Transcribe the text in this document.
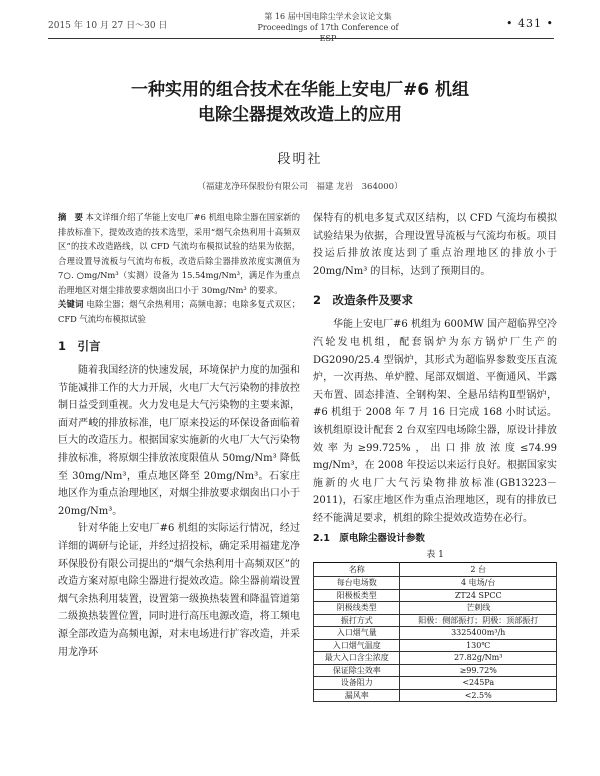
2015 年 10 月 27 日～30 日
第 16 届中国电除尘学术会议论文集
Proceedings of 17th Conference of ESP
• 431 •
一种实用的组合技术在华能上安电厂#6 机组
电除尘器提效改造上的应用
段明社
（福建龙净环保股份有限公司　福建 龙岩　364000）
摘　要 本文详细介绍了华能上安电厂#6 机组电除尘器在国家新的排放标准下，提效改造的技术选型，采用“烟气余热利用十高频双区”的技术改造路线，以 CFD 气流均布模拟试验的结果为依据，合理设置导流板与气流均布板，改造后除尘器排放浓度实测值为 7○. ○mg/Nm³（实测）设备为 15.54mg/Nm³，满足作为重点治理地区对烟尘排放要求烟囱出口小于 30mg/Nm³ 的要求。
关键词 电除尘器；烟气余热利用；高频电源；电除多复式双区；CFD 气流均布模拟试验
1　引言

随着我国经济的快速发展，环境保护力度的加强和节能减排工作的大力开展，火电厂大气污染物的排放控制日益受到重视。火力发电是大气污染物的主要来源，面对严峻的排放标准，电厂原来投运的环保设备面临着巨大的改造压力。根据国家实施新的火电厂大气污染物排放标准，将原烟尘排放浓度限值从 50mg/Nm³ 降低至 30mg/Nm³，重点地区降至 20mg/Nm³。石家庄地区作为重点治理地区，对烟尘排放要求烟囱出口小于 20mg/Nm³。

针对华能上安电厂#6 机组的实际运行情况，经过详细的调研与论证，并经过招投标，确定采用福建龙净环保股份有限公司提出的“烟气余热利用十高频双区”的改造方案对原电除尘器进行提效改造。除尘器前端设置烟气余热利用装置，设置第一级换热装置和降温管道第二级换热装置位置，同时进行高压电源改造，将工频电源全部改造为高频电源，对末电场进行扩容改造，并采用龙净环

保特有的机电多复式双区结构，以 CFD 气流均布模拟试验结果为依据，合理设置导流板与气流均布板。项目投运后排放浓度达到了重点治理地区的排放小于 20mg/Nm³ 的目标，达到了预期目的。

2　改造条件及要求

华能上安电厂#6 机组为 600MW 国产超临界空冷汽轮发电机组，配套锅炉为东方锅炉厂生产的 DG2090/25.4 型锅炉，其形式为超临界参数变压直流炉，一次再热、单炉膛、尾部双烟道、平衡通风、半露天布置、固态排渣、全钢构架、全悬吊结构Ⅱ型锅炉，#6 机组于 2008 年 7 月 16 日完成 168 小时试运。该机组原设计配套 2 台双室四电场除尘器，原设计排放效率为≥99.725%，出口排放浓度≤74.99 mg/Nm³，在 2008 年投运以来运行良好。根据国家实施新的火电厂大气污染物排放标准(GB13223－2011)，石家庄地区作为重点治理地区，现有的排放已经不能满足要求，机组的除尘提效改造势在必行。

2.1　原电除尘器设计参数
表 1
名称	2 台
每台电场数	4 电场/台
阳极板类型	ZT24 SPCC
阴极线类型	芒刺线
振打方式	阳极：侧部振打；阴极：顶部振打
入口烟气量	3325400m³/h
入口烟气温度	130℃
最大入口含尘浓度	27.82g/Nm³
保证除尘效率	≥99.72%
设备阻力	<245Pa
漏风率	<2.5%
